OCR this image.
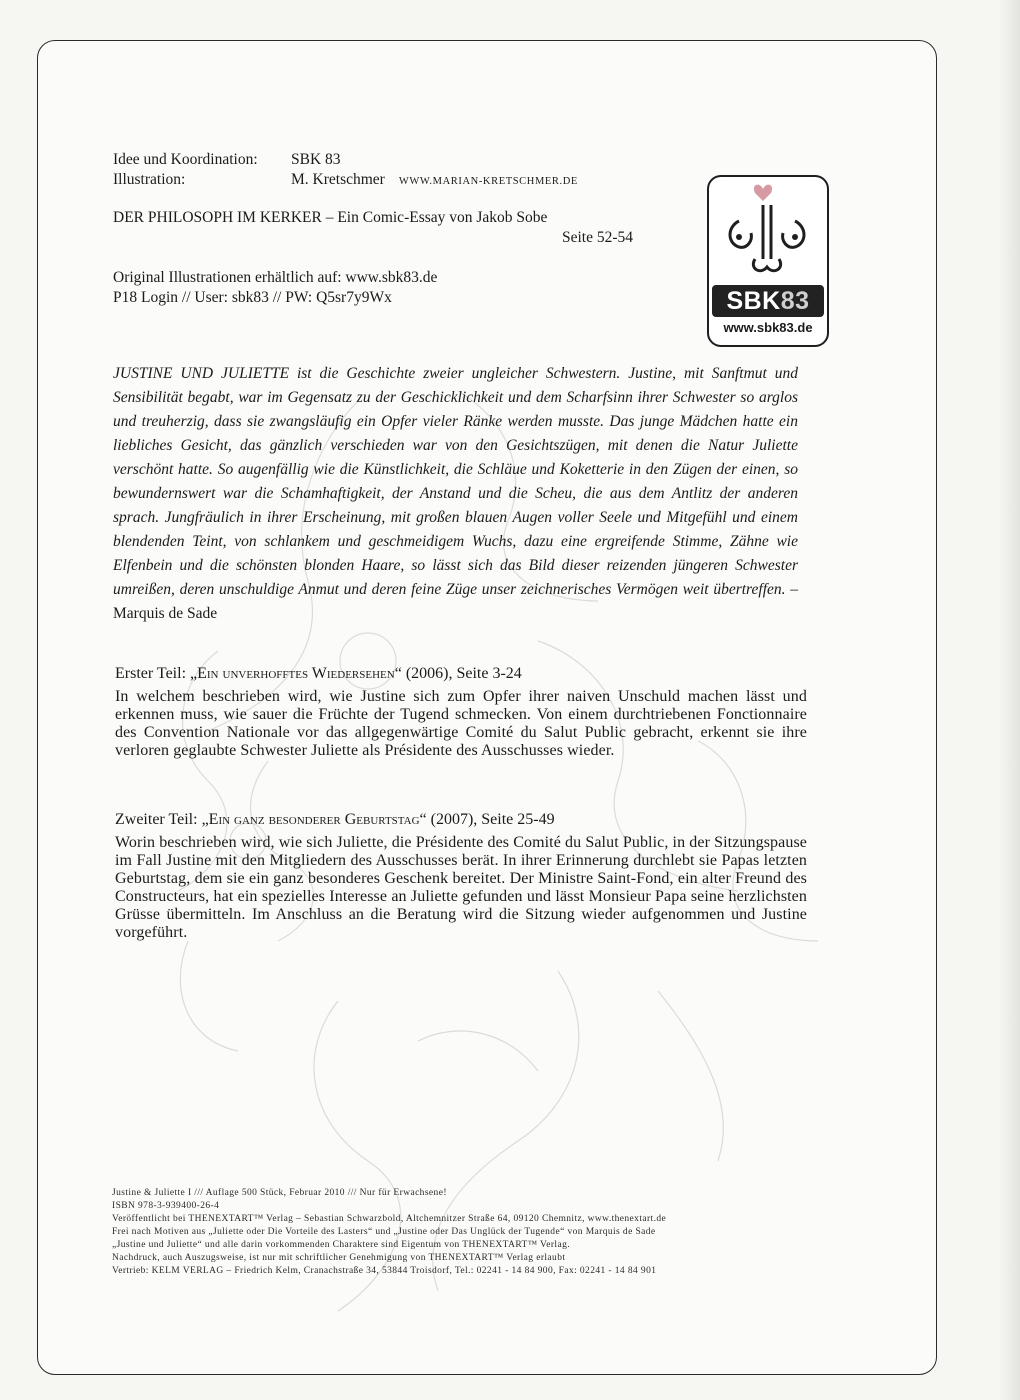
SBK83
www.sbk83.de
Idee und Koordination: SBK 83
Illustration:	M. Kretschmer WWW.MARIAN-KRETSCHMER.DE
DER PHILOSOPH IM KERKER – Ein Comic-Essay von Jakob Sobe
Seite 52-54
Original Illustrationen erhältlich auf: www.sbk83.de
P18 Login // User: sbk83 // PW: Q5sr7y9Wx
JUSTINE UND JULIETTE ist die Geschichte zweier ungleicher Schwestern. Justine, mit Sanftmut und Sensibilität begabt, war im Gegensatz zu der Geschicklichkeit und dem Scharfsinn ihrer Schwester so arglos und treuherzig, dass sie zwangsläufig ein Opfer vieler Ränke werden musste. Das junge Mädchen hatte ein liebliches Gesicht, das gänzlich verschieden war von den Gesichtszügen, mit denen die Natur Juliette verschönt hatte. So augenfällig wie die Künstlichkeit, die Schläue und Koketterie in den Zügen der einen, so bewundernswert war die Schamhaftigkeit, der Anstand und die Scheu, die aus dem Antlitz der anderen sprach. Jungfräulich in ihrer Erscheinung, mit großen blauen Augen voller Seele und Mitgefühl und einem blendenden Teint, von schlankem und geschmeidigem Wuchs, dazu eine ergreifende Stimme, Zähne wie Elfenbein und die schönsten blonden Haare, so lässt sich das Bild dieser reizenden jüngeren Schwester umreißen, deren unschuldige Anmut und deren feine Züge unser zeichnerisches Vermögen weit übertreffen. – Marquis de Sade
Erster Teil: „Ein unverhofftes Wiedersehen“ (2006), Seite 3-24
In welchem beschrieben wird, wie Justine sich zum Opfer ihrer naiven Unschuld machen lässt und erkennen muss, wie sauer die Früchte der Tugend schmecken. Von einem durchtriebenen Fonctionnaire des Convention Nationale vor das allgegenwärtige Comité du Salut Public gebracht, erkennt sie ihre verloren geglaubte Schwester Juliette als Présidente des Ausschusses wieder.
Zweiter Teil: „Ein ganz besonderer Geburtstag“ (2007), Seite 25-49
Worin beschrieben wird, wie sich Juliette, die Présidente des Comité du Salut Public, in der Sitzungspause im Fall Justine mit den Mitgliedern des Ausschusses berät. In ihrer Erinnerung durchlebt sie Papas letzten Geburtstag, dem sie ein ganz besonderes Geschenk bereitet. Der Ministre Saint-Fond, ein alter Freund des Constructeurs, hat ein spezielles Interesse an Juliette gefunden und lässt Monsieur Papa seine herzlichsten Grüsse übermitteln. Im Anschluss an die Beratung wird die Sitzung wieder aufgenommen und Justine vorgeführt.
Justine & Juliette I /// Auflage 500 Stück, Februar 2010 /// Nur für Erwachsene!
ISBN 978-3-939400-26-4
Veröffentlicht bei THENEXTART™ Verlag – Sebastian Schwarzbold, Altchemnitzer Straße 64, 09120 Chemnitz, www.thenextart.de
Frei nach Motiven aus „Juliette oder Die Vorteile des Lasters“ und „Justine oder Das Unglück der Tugende“ von Marquis de Sade
„Justine und Juliette“ und alle darin vorkommenden Charaktere sind Eigentum von THENEXTART™ Verlag.
Nachdruck, auch Auszugsweise, ist nur mit schriftlicher Genehmigung von THENEXTART™ Verlag erlaubt
Vertrieb: KELM VERLAG – Friedrich Kelm, Cranachstraße 34, 53844 Troisdorf, Tel.: 02241 - 14 84 900, Fax: 02241 - 14 84 901
